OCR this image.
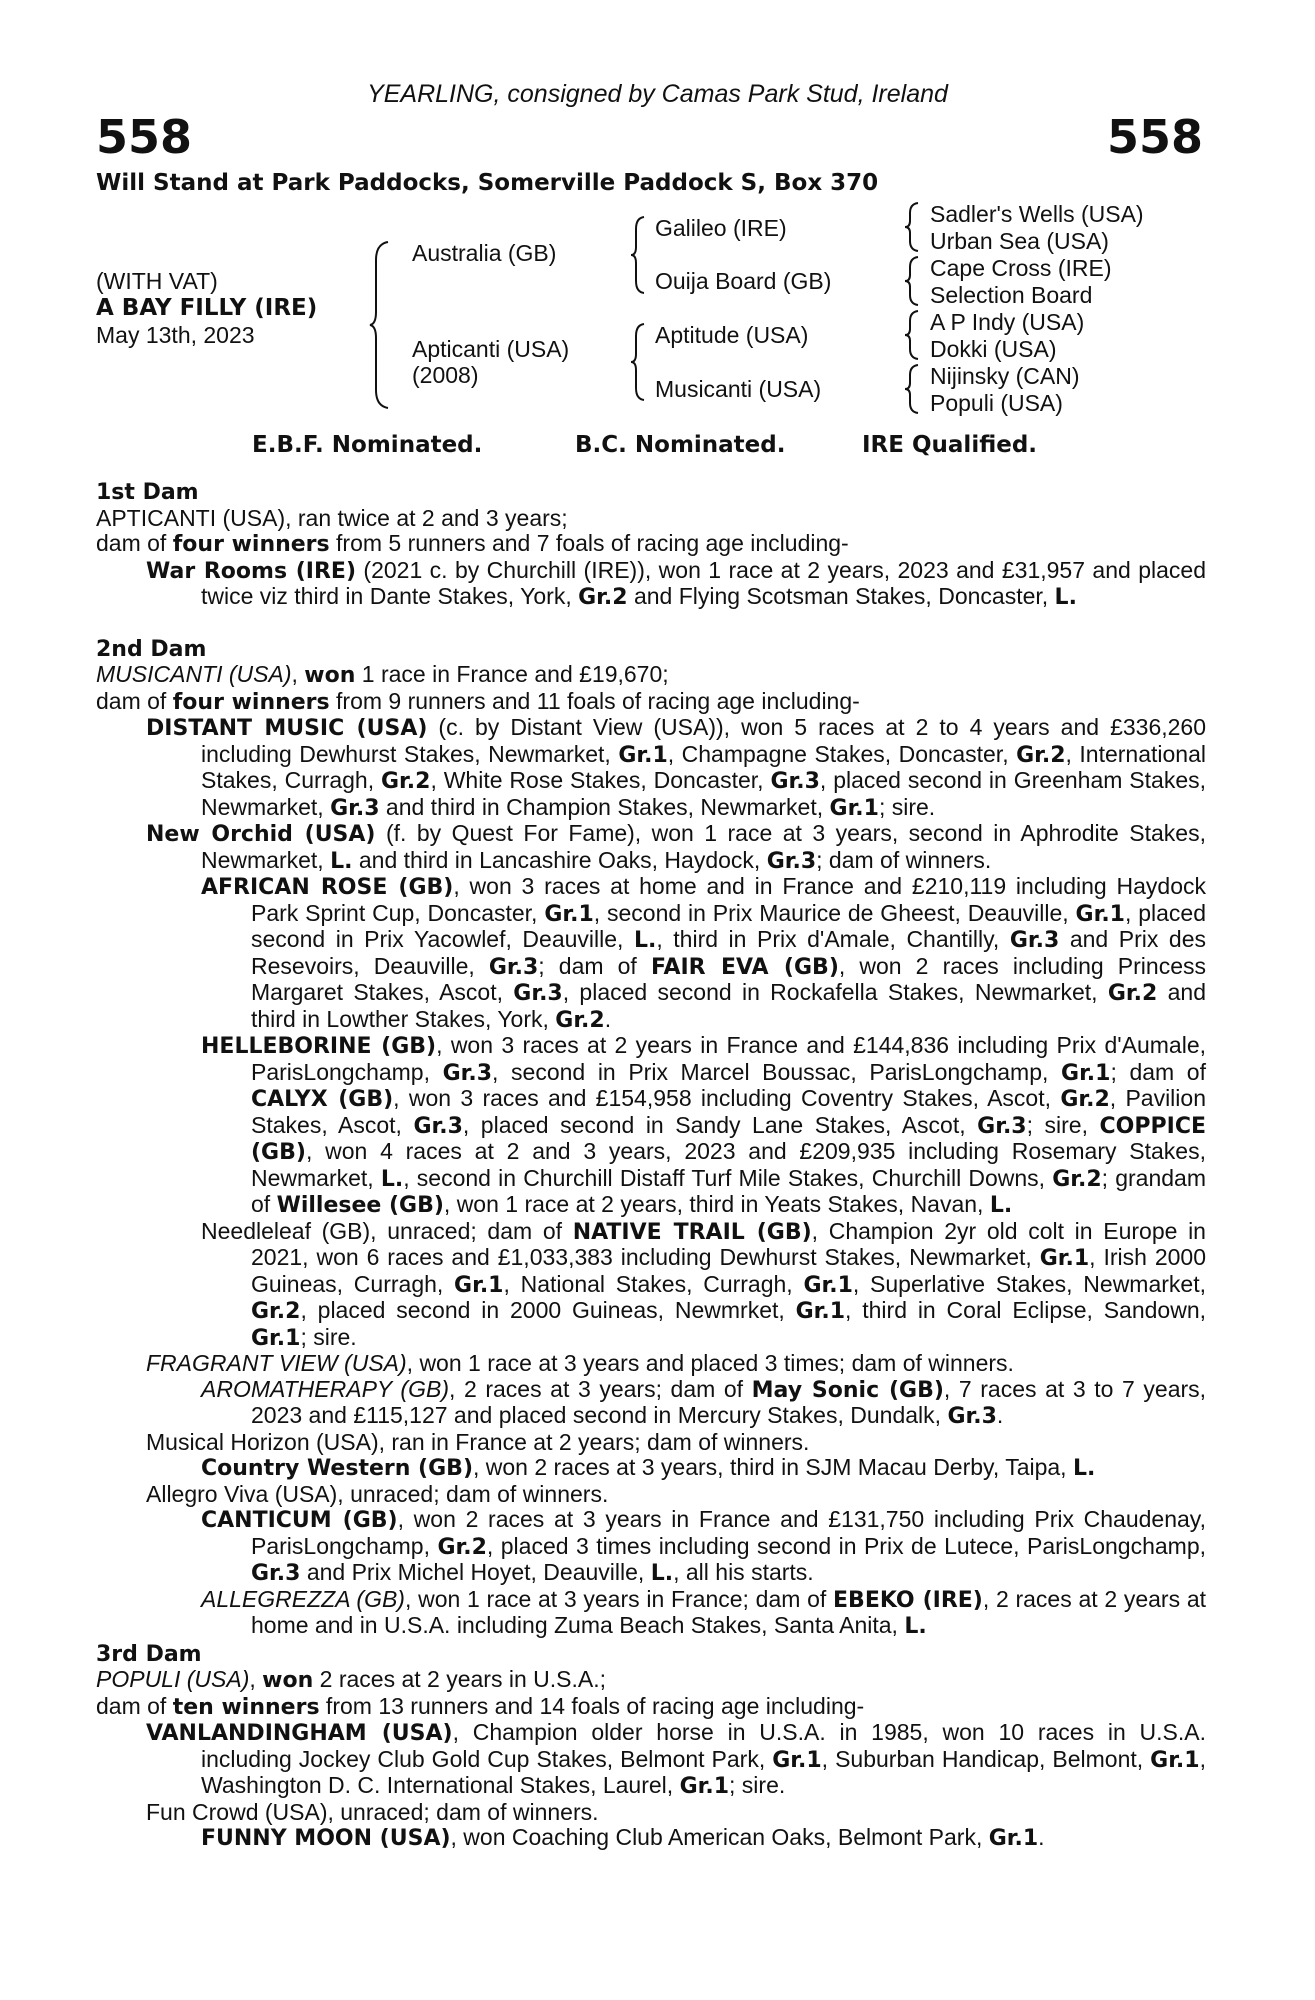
YEARLING, consigned by Camas Park Stud, Ireland
558	558
Will Stand at Park Paddocks, Somerville Paddock S, Box 370
(WITH VAT)
A BAY FILLY (IRE)
May 13th, 2023
Australia (GB)
Apticanti (USA)
(2008)
Galileo (IRE)
Ouija Board (GB)
Aptitude (USA)
Musicanti (USA)
Sadler's Wells (USA)
Urban Sea (USA)
Cape Cross (IRE)
Selection Board
A P Indy (USA)
Dokki (USA)
Nijinsky (CAN)
Populi (USA)
E.B.F. Nominated.	B.C. Nominated.	IRE Qualified.
1st Dam
APTICANTI (USA), ran twice at 2 and 3 years;
dam of four winners from 5 runners and 7 foals of racing age including-
War Rooms (IRE) (2021 c. by Churchill (IRE)), won 1 race at 2 years, 2023 and £31,957 and placed twice viz third in Dante Stakes, York, Gr.2 and Flying Scotsman Stakes, Doncaster, L.
2nd Dam
MUSICANTI (USA), won 1 race in France and £19,670;
dam of four winners from 9 runners and 11 foals of racing age including-
DISTANT MUSIC (USA) (c. by Distant View (USA)), won 5 races at 2 to 4 years and £336,260 including Dewhurst Stakes, Newmarket, Gr.1, Champagne Stakes, Doncaster, Gr.2, International Stakes, Curragh, Gr.2, White Rose Stakes, Doncaster, Gr.3, placed second in Greenham Stakes, Newmarket, Gr.3 and third in Champion Stakes, Newmarket, Gr.1; sire.
New Orchid (USA) (f. by Quest For Fame), won 1 race at 3 years, second in Aphrodite Stakes, Newmarket, L. and third in Lancashire Oaks, Haydock, Gr.3; dam of winners.
AFRICAN ROSE (GB), won 3 races at home and in France and £210,119 including Haydock Park Sprint Cup, Doncaster, Gr.1, second in Prix Maurice de Gheest, Deauville, Gr.1, placed second in Prix Yacowlef, Deauville, L., third in Prix d'Amale, Chantilly, Gr.3 and Prix des Resevoirs, Deauville, Gr.3; dam of FAIR EVA (GB), won 2 races including Princess Margaret Stakes, Ascot, Gr.3, placed second in Rockafella Stakes, Newmarket, Gr.2 and third in Lowther Stakes, York, Gr.2.
HELLEBORINE (GB), won 3 races at 2 years in France and £144,836 including Prix d'Aumale, ParisLongchamp, Gr.3, second in Prix Marcel Boussac, ParisLongchamp, Gr.1; dam of CALYX (GB), won 3 races and £154,958 including Coventry Stakes, Ascot, Gr.2, Pavilion Stakes, Ascot, Gr.3, placed second in Sandy Lane Stakes, Ascot, Gr.3; sire, COPPICE (GB), won 4 races at 2 and 3 years, 2023 and £209,935 including Rosemary Stakes, Newmarket, L., second in Churchill Distaff Turf Mile Stakes, Churchill Downs, Gr.2; grandam of Willesee (GB), won 1 race at 2 years, third in Yeats Stakes, Navan, L.
Needleleaf (GB), unraced; dam of NATIVE TRAIL (GB), Champion 2yr old colt in Europe in 2021, won 6 races and £1,033,383 including Dewhurst Stakes, Newmarket, Gr.1, Irish 2000 Guineas, Curragh, Gr.1, National Stakes, Curragh, Gr.1, Superlative Stakes, Newmarket, Gr.2, placed second in 2000 Guineas, Newmrket, Gr.1, third in Coral Eclipse, Sandown, Gr.1; sire.
FRAGRANT VIEW (USA), won 1 race at 3 years and placed 3 times; dam of winners.
AROMATHERAPY (GB), 2 races at 3 years; dam of May Sonic (GB), 7 races at 3 to 7 years, 2023 and £115,127 and placed second in Mercury Stakes, Dundalk, Gr.3.
Musical Horizon (USA), ran in France at 2 years; dam of winners.
Country Western (GB), won 2 races at 3 years, third in SJM Macau Derby, Taipa, L.
Allegro Viva (USA), unraced; dam of winners.
CANTICUM (GB), won 2 races at 3 years in France and £131,750 including Prix Chaudenay, ParisLongchamp, Gr.2, placed 3 times including second in Prix de Lutece, ParisLongchamp, Gr.3 and Prix Michel Hoyet, Deauville, L., all his starts.
ALLEGREZZA (GB), won 1 race at 3 years in France; dam of EBEKO (IRE), 2 races at 2 years at home and in U.S.A. including Zuma Beach Stakes, Santa Anita, L.
3rd Dam
POPULI (USA), won 2 races at 2 years in U.S.A.;
dam of ten winners from 13 runners and 14 foals of racing age including-
VANLANDINGHAM (USA), Champion older horse in U.S.A. in 1985, won 10 races in U.S.A. including Jockey Club Gold Cup Stakes, Belmont Park, Gr.1, Suburban Handicap, Belmont, Gr.1, Washington D. C. International Stakes, Laurel, Gr.1; sire.
Fun Crowd (USA), unraced; dam of winners.
FUNNY MOON (USA), won Coaching Club American Oaks, Belmont Park, Gr.1.
